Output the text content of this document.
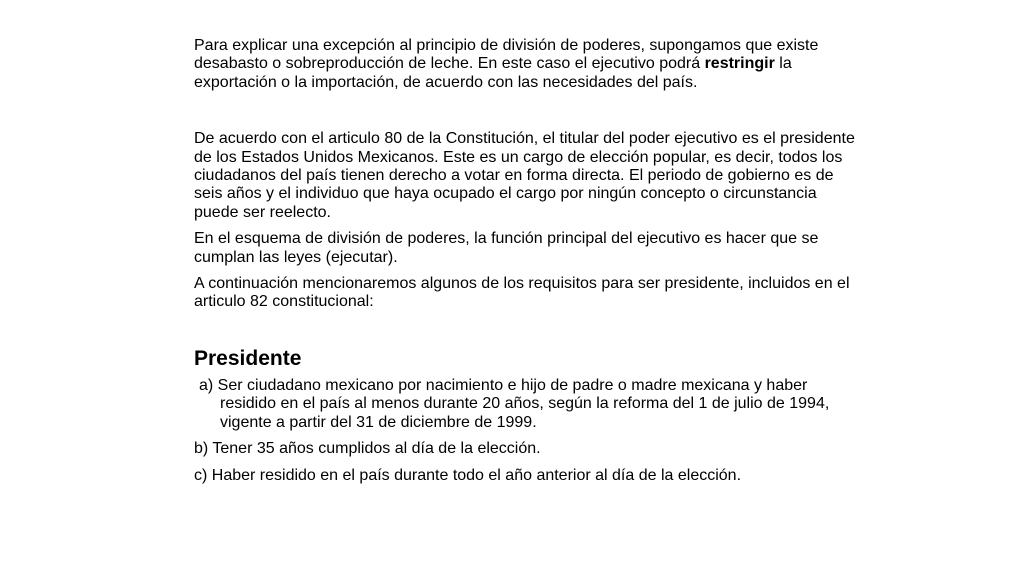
Para explicar una excepción al principio de división de poderes, supongamos que existe desabasto o sobreproducción de leche. En este caso el ejecutivo podrá restringir la exportación o la importación, de acuerdo con las necesidades del país.

De acuerdo con el articulo 80 de la Constitución, el titular del poder ejecutivo es el presidente de los Estados Unidos Mexicanos. Este es un cargo de elección popular, es decir, todos los ciudadanos del país tienen derecho a votar en forma directa. El periodo de gobierno es de seis años y el individuo que haya ocupado el cargo por ningún concepto o circunstancia puede ser reelecto.

En el esquema de división de poderes, la función principal del ejecutivo es hacer que se cumplan las leyes (ejecutar).

A continuación mencionaremos algunos de los requisitos para ser presidente, incluidos en el articulo 82 constitucional:

Presidente

a) Ser ciudadano mexicano por nacimiento e hijo de padre o madre mexicana y haber residido en el país al menos durante 20 años, según la reforma del 1 de julio de 1994, vigente a partir del 31 de diciembre de 1999.

b) Tener 35 años cumplidos al día de la elección.

c) Haber residido en el país durante todo el año anterior al día de la elección.
